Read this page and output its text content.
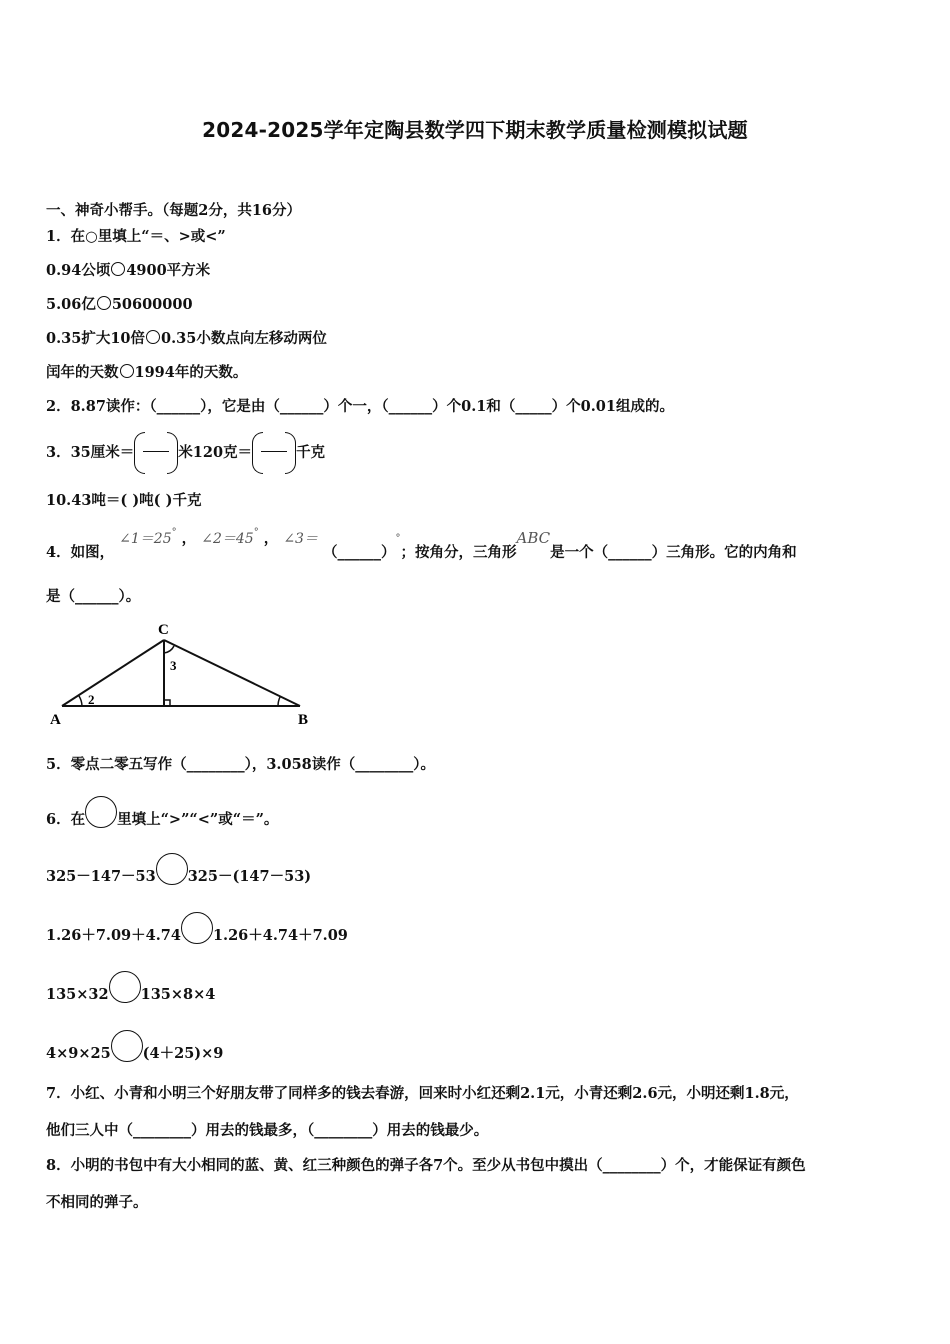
2024-2025学年定陶县数学四下期末教学质量检测模拟试题
一、神奇小帮手。（每题2分，共16分）
1．在○里填上“＝、>或<”
0.94公顷 4900平方米
5.06亿 50600000
0.35扩大10倍 0.35小数点向左移动两位
闰年的天数 1994年的天数。
2．8.87读作：（______），它是由（______）个一，（______）个0.1和（_____）个0.01组成的。
3．35厘米＝	米120克＝	千克
10.43吨＝( )吨( )千克
4．如图， ∠1＝25° ， ∠2＝45° ， ∠3＝ （______）°；按角分，三角形ABC是一个（______）三角形。它的内角和
是（______）。
C
A	B
2
3
5．零点二零五写作（________），3.058读作（________）。
6．在 里填上“>”“<”或“＝”。
325－147－53 325－(147－53)
1.26＋7.09＋4.74 1.26＋4.74＋7.09
135×32 135×8×4
4×9×25 (4＋25)×9
7．小红、小青和小明三个好朋友带了同样多的钱去春游，回来时小红还剩2.1元，小青还剩2.6元，小明还剩1.8元，
他们三人中（________）用去的钱最多，（________）用去的钱最少。
8．小明的书包中有大小相同的蓝、黄、红三种颜色的弹子各7个。至少从书包中摸出（________）个，才能保证有颜色
不相同的弹子。
